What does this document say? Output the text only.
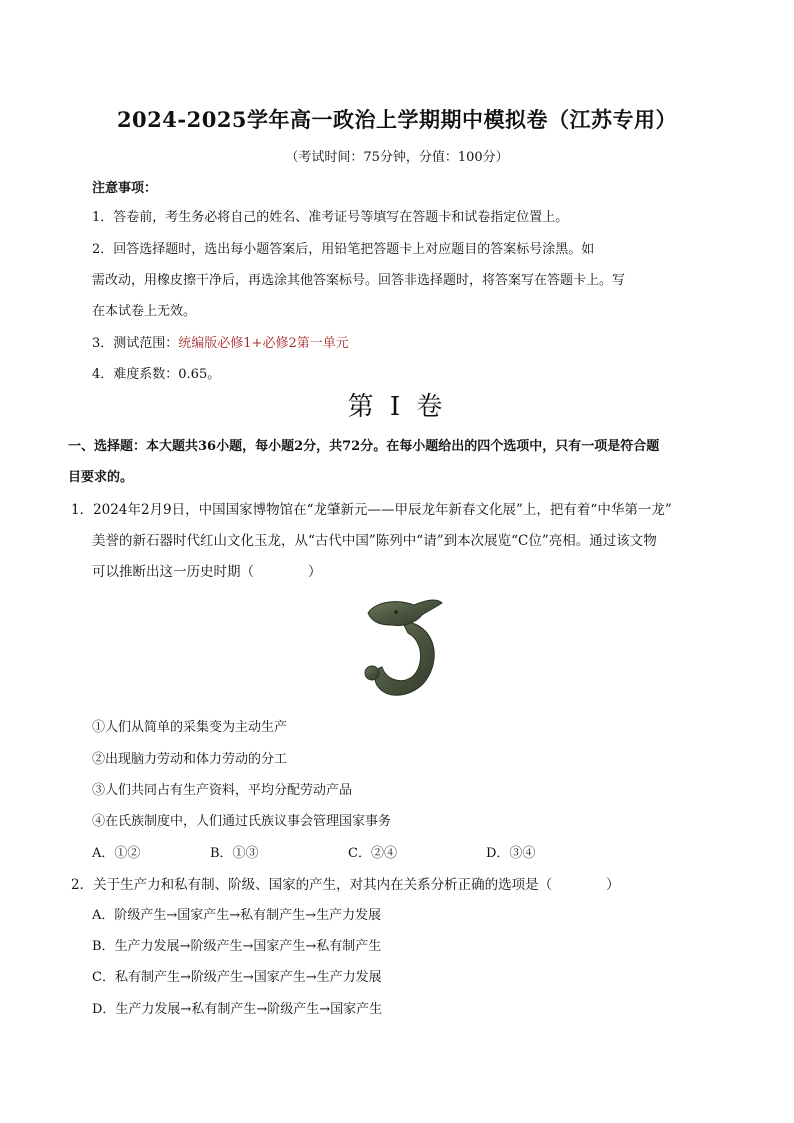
2024-2025学年高一政治上学期期中模拟卷（江苏专用）
（考试时间：75分钟，分值：100分）
注意事项：
1．答卷前，考生务必将自己的姓名、准考证号等填写在答题卡和试卷指定位置上。
2．回答选择题时，选出每小题答案后，用铅笔把答题卡上对应题目的答案标号涂黑。如
需改动，用橡皮擦干净后，再选涂其他答案标号。回答非选择题时，将答案写在答题卡上。写
在本试卷上无效。
3．测试范围：统编版必修1+必修2第一单元
4．难度系数：0.65。
第 I 卷
一、选择题：本大题共36小题，每小题2分，共72分。在每小题给出的四个选项中，只有一项是符合题
目要求的。
1．2024年2月9日，中国国家博物馆在“龙肇新元——甲辰龙年新春文化展”上，把有着“中华第一龙”
美誉的新石器时代红山文化玉龙，从“古代中国”陈列中“请”到本次展览“C位”亮相。通过该文物
可以推断出这一历史时期（	）
①人们从简单的采集变为主动生产
②出现脑力劳动和体力劳动的分工
③人们共同占有生产资料，平均分配劳动产品
④在氏族制度中，人们通过氏族议事会管理国家事务
A．①②	B．①③	C．②④	D．③④
2．关于生产力和私有制、阶级、国家的产生，对其内在关系分析正确的选项是（	）
A．阶级产生→国家产生→私有制产生→生产力发展
B．生产力发展→阶级产生→国家产生→私有制产生
C．私有制产生→阶级产生→国家产生→生产力发展
D．生产力发展→私有制产生→阶级产生→国家产生
